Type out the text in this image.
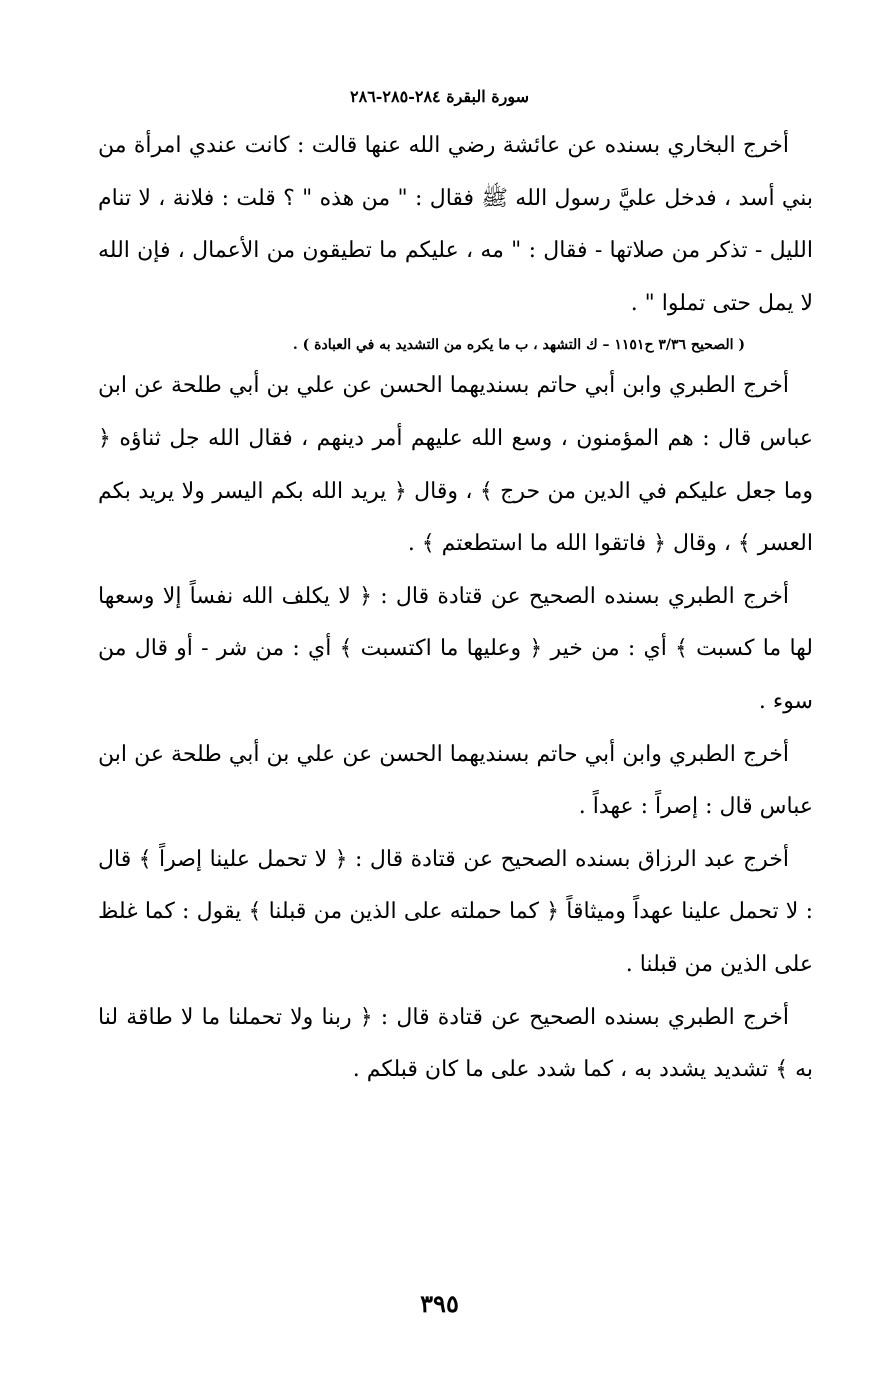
سورة البقرة ٢٨٤-٢٨٥-٢٨٦

أخرج البخاري بسنده عن عائشة رضي الله عنها قالت : كانت عندي امرأة من بني أسد ، فدخل عليَّ رسول الله ﷺ فقال : " من هذه " ؟ قلت : فلانة ، لا تنام الليل - تذكر من صلاتها - فقال : " مه ، عليكم ما تطيقون من الأعمال ، فإن الله لا يمل حتى تملوا " .

( الصحيح ٣/٣٦ ح١١٥١ – ك التشهد ، ب ما يكره من التشديد به في العبادة ) .

أخرج الطبري وابن أبي حاتم بسنديهما الحسن عن علي بن أبي طلحة عن ابن عباس قال : هم المؤمنون ، وسع الله عليهم أمر دينهم ، فقال الله جل ثناؤه ﴿ وما جعل عليكم في الدين من حرج ﴾ ، وقال ﴿ يريد الله بكم اليسر ولا يريد بكم العسر ﴾ ، وقال ﴿ فاتقوا الله ما استطعتم ﴾ .

أخرج الطبري بسنده الصحيح عن قتادة قال : ﴿ لا يكلف الله نفساً إلا وسعها لها ما كسبت ﴾ أي : من خير ﴿ وعليها ما اكتسبت ﴾ أي : من شر - أو قال من سوء .

أخرج الطبري وابن أبي حاتم بسنديهما الحسن عن علي بن أبي طلحة عن ابن عباس قال : إصراً : عهداً .

أخرج عبد الرزاق بسنده الصحيح عن قتادة قال : ﴿ لا تحمل علينا إصراً ﴾ قال : لا تحمل علينا عهداً وميثاقاً ﴿ كما حملته على الذين من قبلنا ﴾ يقول : كما غلظ على الذين من قبلنا .

أخرج الطبري بسنده الصحيح عن قتادة قال : ﴿ ربنا ولا تحملنا ما لا طاقة لنا به ﴾ تشديد يشدد به ، كما شدد على ما كان قبلكم .

٣٩٥
